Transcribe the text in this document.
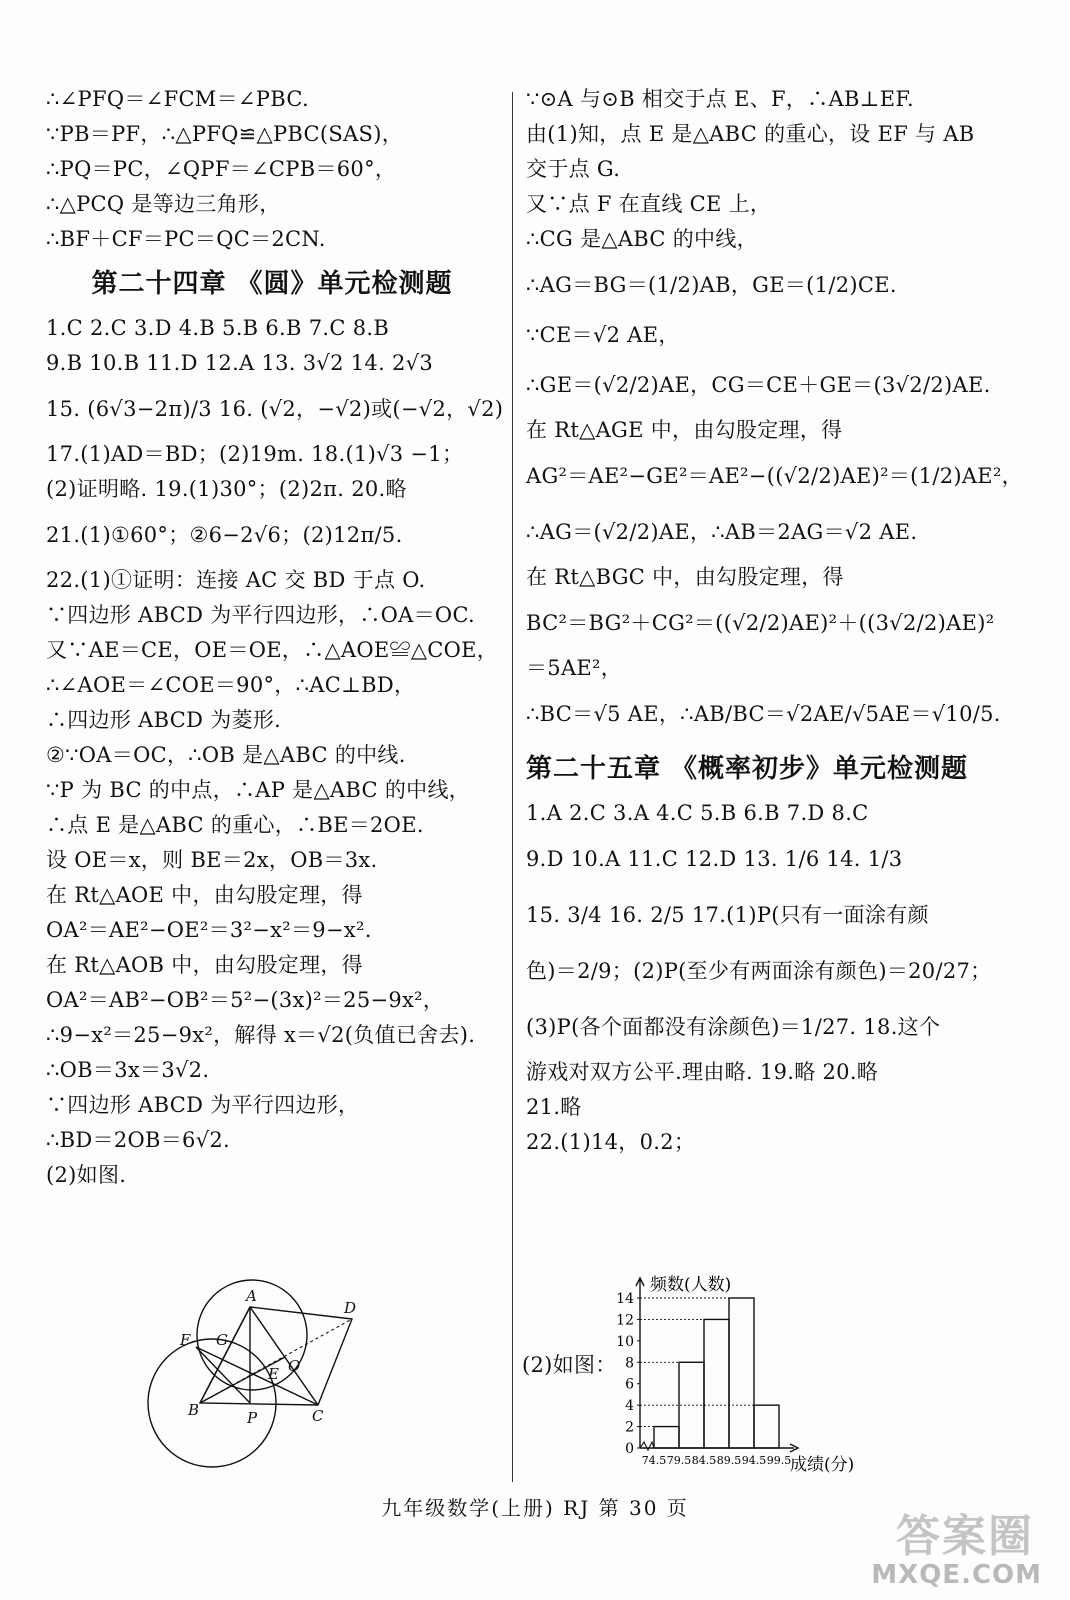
∴∠PFQ＝∠FCM＝∠PBC.
∵PB＝PF，∴△PFQ≌△PBC(SAS)，
∴PQ＝PC，∠QPF＝∠CPB＝60°，
∴△PCQ 是等边三角形，
∴BF＋CF＝PC＝QC＝2CN.
第二十四章 《圆》单元检测题
1.C 2.C 3.D 4.B 5.B 6.B 7.C 8.B
9.B 10.B 11.D 12.A 13. 3√2 14. 2√3
15. (6√3−2π)/3 16. (√2，−√2)或(−√2，√2)
17.(1)AD＝BD；(2)19m. 18.(1)√3 −1；
(2)证明略. 19.(1)30°；(2)2π. 20.略
21.(1)①60°；②6−2√6；(2)12π/5.
22.(1)①证明：连接 AC 交 BD 于点 O.
∵四边形 ABCD 为平行四边形，∴OA＝OC.
又∵AE＝CE，OE＝OE，∴△AOE≌△COE，
∴∠AOE＝∠COE＝90°，∴AC⊥BD，
∴四边形 ABCD 为菱形.
②∵OA＝OC，∴OB 是△ABC 的中线.
∵P 为 BC 的中点，∴AP 是△ABC 的中线，
∴点 E 是△ABC 的重心，∴BE＝2OE.
设 OE＝x，则 BE＝2x，OB＝3x.
在 Rt△AOE 中，由勾股定理，得
OA²＝AE²−OE²＝3²−x²＝9−x².
在 Rt△AOB 中，由勾股定理，得
OA²＝AB²−OB²＝5²−(3x)²＝25−9x²，
∴9−x²＝25−9x²，解得 x＝√2(负值已舍去).
∴OB＝3x＝3√2.
∵四边形 ABCD 为平行四边形，
∴BD＝2OB＝6√2.
(2)如图.
∵⊙A 与⊙B 相交于点 E、F，∴AB⊥EF.
由(1)知，点 E 是△ABC 的重心，设 EF 与 AB
交于点 G.
又∵点 F 在直线 CE 上，
∴CG 是△ABC 的中线，
∴AG＝BG＝(1/2)AB，GE＝(1/2)CE.
∵CE＝√2 AE，
∴GE＝(√2/2)AE，CG＝CE＋GE＝(3√2/2)AE.
在 Rt△AGE 中，由勾股定理，得
AG²＝AE²−GE²＝AE²−((√2/2)AE)²＝(1/2)AE²，
∴AG＝(√2/2)AE，∴AB＝2AG＝√2 AE.
在 Rt△BGC 中，由勾股定理，得
BC²＝BG²＋CG²＝((√2/2)AE)²＋((3√2/2)AE)²
＝5AE²，
∴BC＝√5 AE，∴AB/BC＝√2AE/√5AE＝√10/5.
第二十五章 《概率初步》单元检测题
1.A 2.C 3.A 4.C 5.B 6.B 7.D 8.C
9.D 10.A 11.C 12.D 13. 1/6 14. 1/3
15. 3/4 16. 2/5 17.(1)P(只有一面涂有颜
色)＝2/9；(2)P(至少有两面涂有颜色)＝20/27；
(3)P(各个面都没有涂颜色)＝1/27. 18.这个
游戏对双方公平.理由略. 19.略 20.略
21.略
22.(1)14，0.2；
A
D
F G
O
E
B	P	C
(2)如图：
0
2
4
6
8
10
12
14
74.5 79.5 84.5 89.5 94.5 99.5
频数(人数)
成绩(分)
九年级数学(上册) RJ 第 30 页
答案圈
MXQE.COM
